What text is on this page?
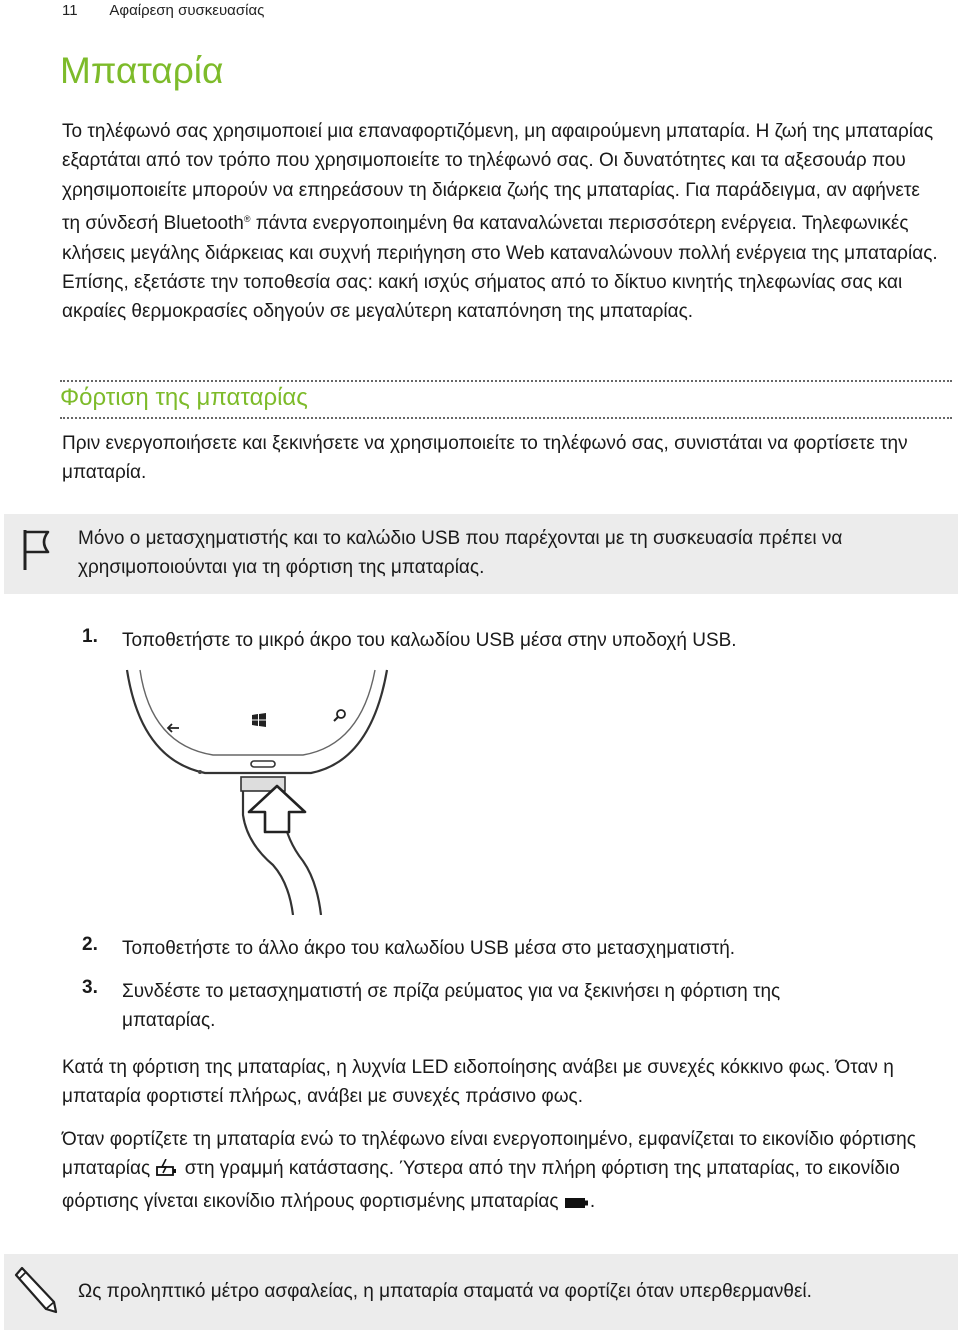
11 Αφαίρεση συσκευασίας
Μπαταρία
Το τηλέφωνό σας χρησιμοποιεί μια επαναφορτιζόμενη, μη αφαιρούμενη μπαταρία. Η ζωή της μπαταρίας εξαρτάται από τον τρόπο που χρησιμοποιείτε το τηλέφωνό σας. Οι δυνατότητες και τα αξεσουάρ που χρησιμοποιείτε μπορούν να επηρεάσουν τη διάρκεια ζωής της μπαταρίας. Για παράδειγμα, αν αφήνετε τη σύνδεσή Bluetooth® πάντα ενεργοποιημένη θα καταναλώνεται περισσότερη ενέργεια. Τηλεφωνικές κλήσεις μεγάλης διάρκειας και συχνή περιήγηση στο Web καταναλώνουν πολλή ενέργεια της μπαταρίας. Επίσης, εξετάστε την τοποθεσία σας: κακή ισχύς σήματος από το δίκτυο κινητής τηλεφωνίας σας και ακραίες θερμοκρασίες οδηγούν σε μεγαλύτερη καταπόνηση της μπαταρίας.
Φόρτιση της μπαταρίας
Πριν ενεργοποιήσετε και ξεκινήσετε να χρησιμοποιείτε το τηλέφωνό σας, συνιστάται να φορτίσετε την μπαταρία.
Μόνο ο μετασχηματιστής και το καλώδιο USB που παρέχονται με τη συσκευασία πρέπει να χρησιμοποιούνται για τη φόρτιση της μπαταρίας.
1. Τοποθετήστε το μικρό άκρο του καλωδίου USB μέσα στην υποδοχή USB.
2. Τοποθετήστε το άλλο άκρο του καλωδίου USB μέσα στο μετασχηματιστή.
3. Συνδέστε το μετασχηματιστή σε πρίζα ρεύματος για να ξεκινήσει η φόρτιση της μπαταρίας.
Κατά τη φόρτιση της μπαταρίας, η λυχνία LED ειδοποίησης ανάβει με συνεχές κόκκινο φως. Όταν η μπαταρία φορτιστεί πλήρως, ανάβει με συνεχές πράσινο φως.
Όταν φορτίζετε τη μπαταρία ενώ το τηλέφωνο είναι ενεργοποιημένο, εμφανίζεται το εικονίδιο φόρτισης μπαταρίας  στη γραμμή κατάστασης. Ύστερα από την πλήρη φόρτιση της μπαταρίας, το εικονίδιο φόρτισης γίνεται εικονίδιο πλήρους φορτισμένης μπαταρίας .
Ως προληπτικό μέτρο ασφαλείας, η μπαταρία σταματά να φορτίζει όταν υπερθερμανθεί.
